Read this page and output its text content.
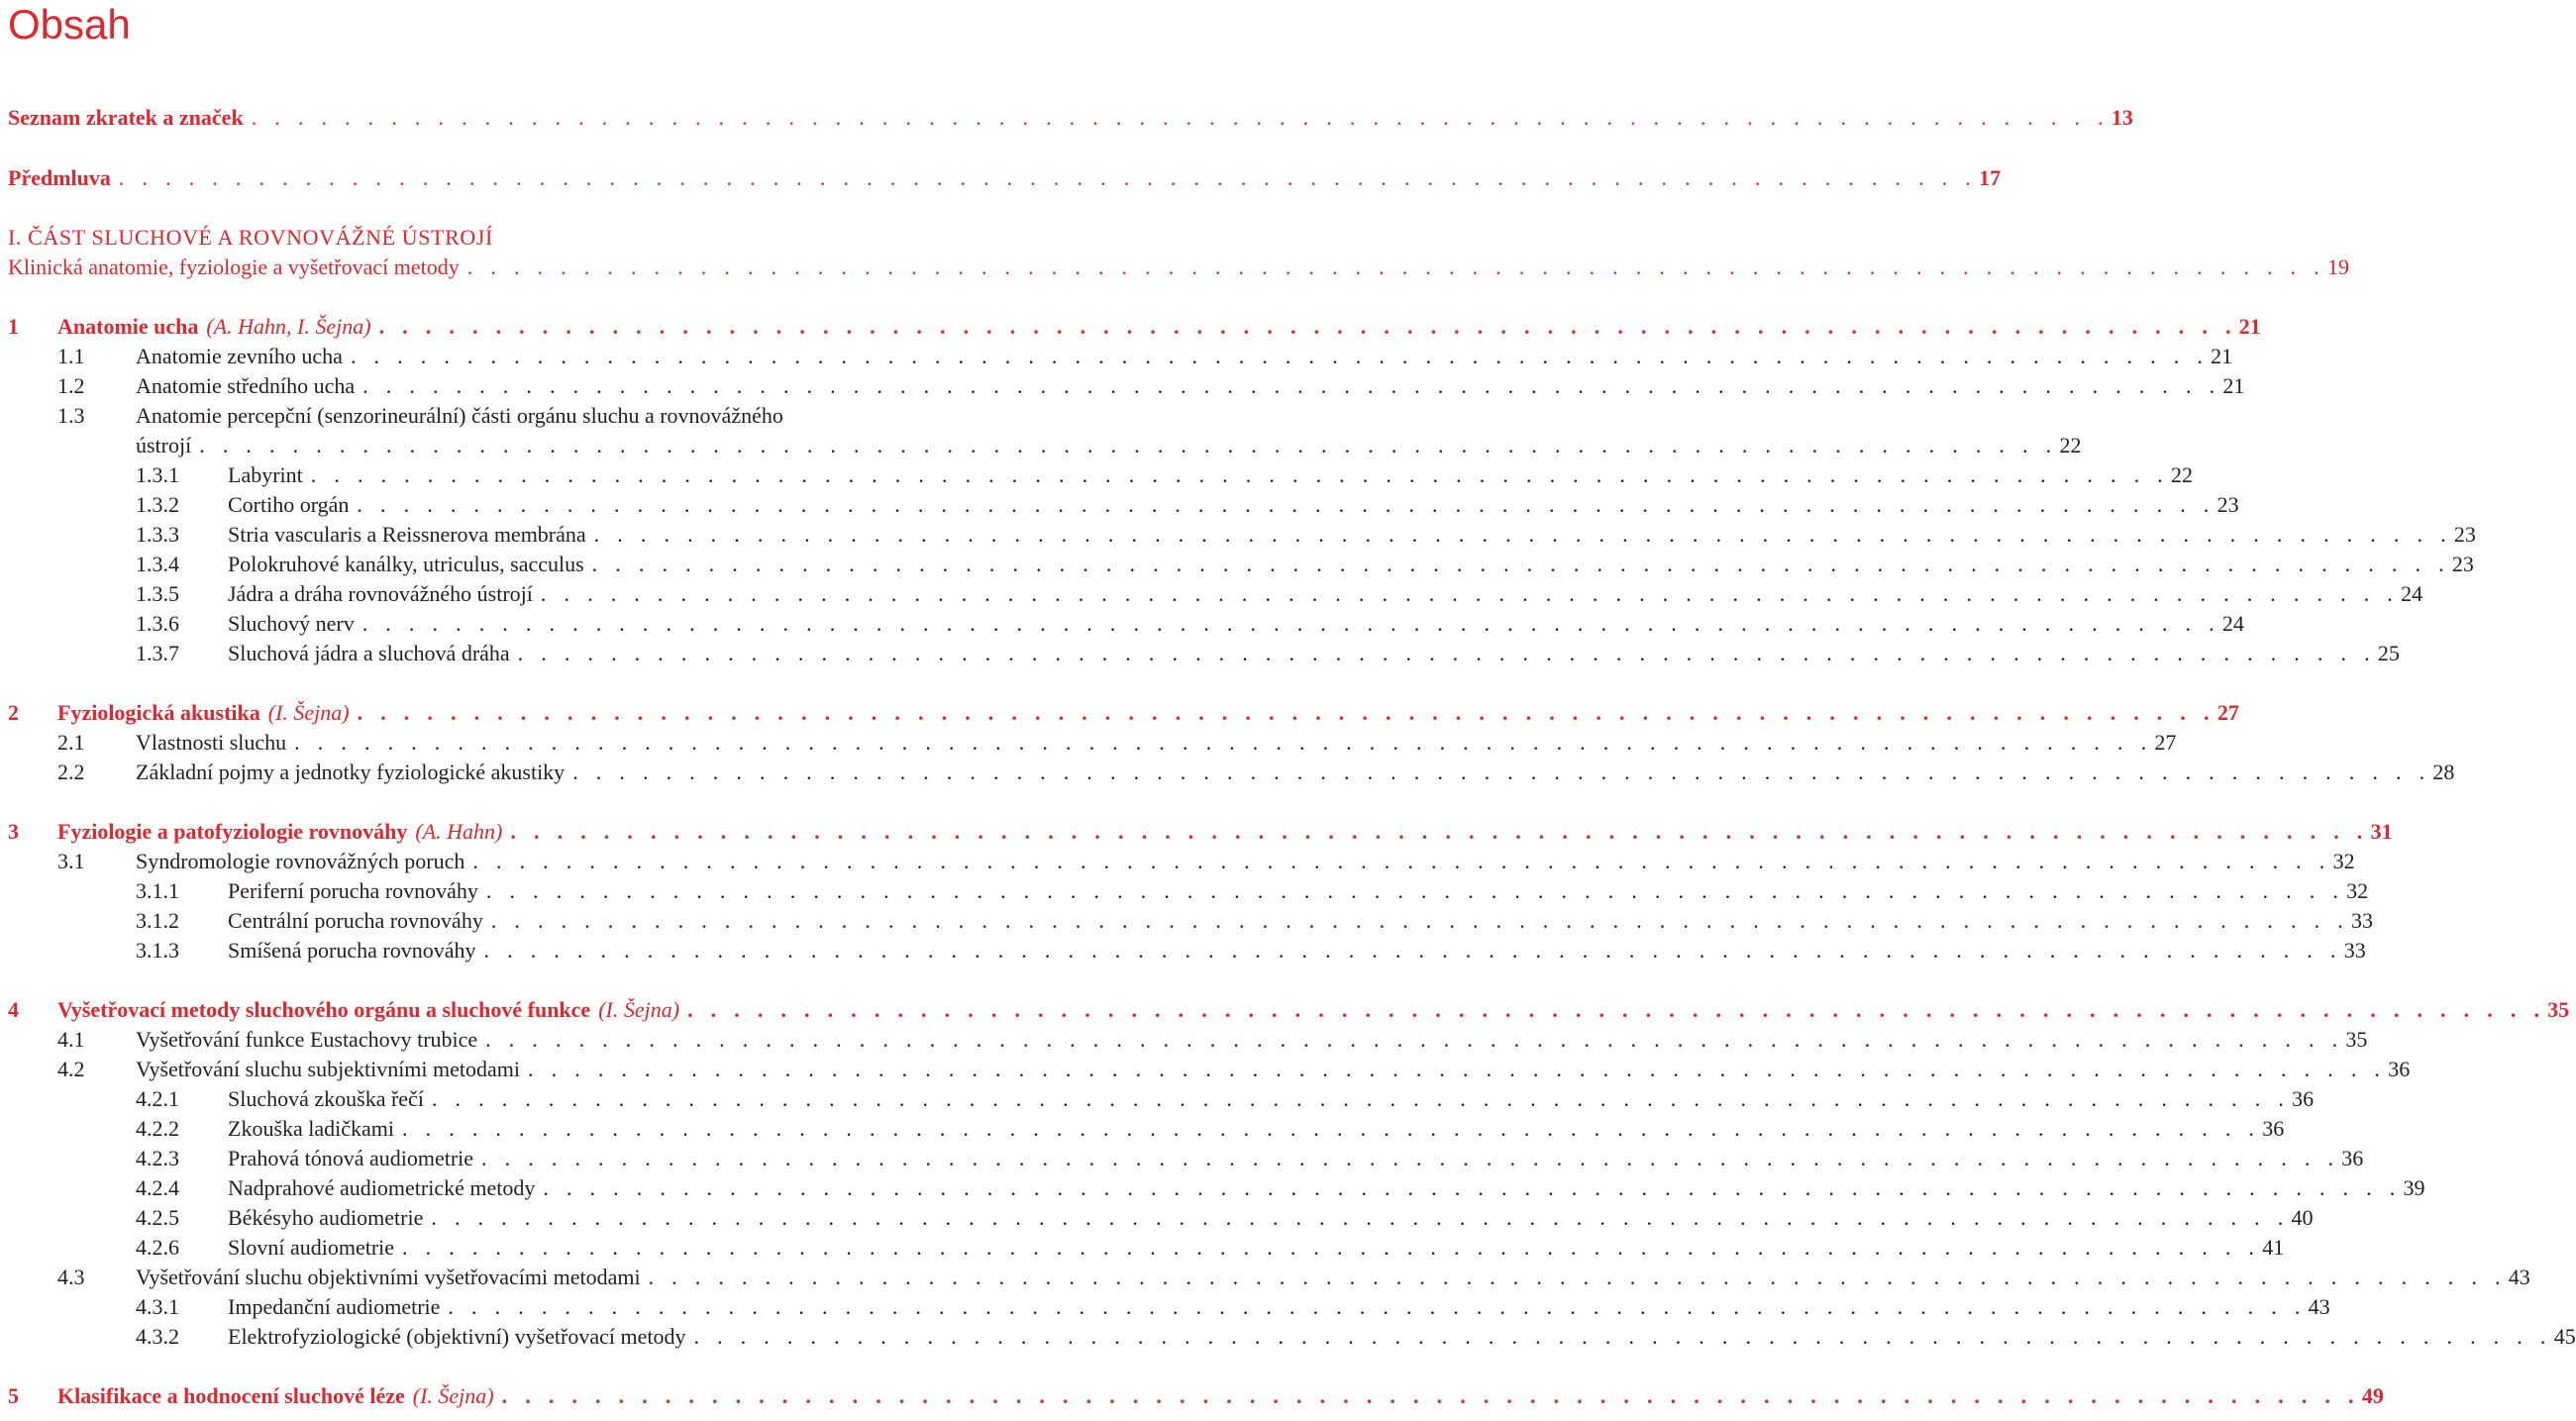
Obsah
Seznam zkratek a značek . . . . . . . . . . . . . . . . . . . . . . . . . . . . . . . . . . . . . . . . . . . . . . . . . . . . . . . . . . . . . . . . . . . . . . . . . . . . . . . . 13
Předmluva . . . . . . . . . . . . . . . . . . . . . . . . . . . . . . . . . . . . . . . . . . . . . . . . . . . . . . . . . . . . . . . . . . . . . . . . . . . . . . . . 17
I. ČÁST SLUCHOVÉ A ROVNOVÁŽNÉ ÚSTROJÍ
Klinická anatomie, fyziologie a vyšetřovací metody . . . . . . . . . . . . . . . . . . . . . . . . . . . . . . . . . . . . . . . . . . . . . . . . . . . . . . . . . . . . . . . . . . . . . . . . . . . . . . . . 19
1 Anatomie ucha (A. Hahn, I. Šejna) . . . . . . . . . . . . . . . . . . . . . . . . . . . . . . . . . . . . . . . . . . . . . . . . . . . . . . . . . . . . . . . . . . . . . . . . . . . . . . . . 21
1.1 Anatomie zevního ucha . . . . . . . . . . . . . . . . . . . . . . . . . . . . . . . . . . . . . . . . . . . . . . . . . . . . . . . . . . . . . . . . . . . . . . . . . . . . . . . . 21
1.2 Anatomie středního ucha . . . . . . . . . . . . . . . . . . . . . . . . . . . . . . . . . . . . . . . . . . . . . . . . . . . . . . . . . . . . . . . . . . . . . . . . . . . . . . . . 21
1.3 Anatomie percepční (senzorineurální) části orgánu sluchu a rovnovážného
ústrojí . . . . . . . . . . . . . . . . . . . . . . . . . . . . . . . . . . . . . . . . . . . . . . . . . . . . . . . . . . . . . . . . . . . . . . . . . . . . . . . . 22
1.3.1 Labyrint . . . . . . . . . . . . . . . . . . . . . . . . . . . . . . . . . . . . . . . . . . . . . . . . . . . . . . . . . . . . . . . . . . . . . . . . . . . . . . . . 22
1.3.2 Cortiho orgán . . . . . . . . . . . . . . . . . . . . . . . . . . . . . . . . . . . . . . . . . . . . . . . . . . . . . . . . . . . . . . . . . . . . . . . . . . . . . . . . 23
1.3.3 Stria vascularis a Reissnerova membrána . . . . . . . . . . . . . . . . . . . . . . . . . . . . . . . . . . . . . . . . . . . . . . . . . . . . . . . . . . . . . . . . . . . . . . . . . . . . . . . . 23
1.3.4 Polokruhové kanálky, utriculus, sacculus . . . . . . . . . . . . . . . . . . . . . . . . . . . . . . . . . . . . . . . . . . . . . . . . . . . . . . . . . . . . . . . . . . . . . . . . . . . . . . . . 23
1.3.5 Jádra a dráha rovnovážného ústrojí . . . . . . . . . . . . . . . . . . . . . . . . . . . . . . . . . . . . . . . . . . . . . . . . . . . . . . . . . . . . . . . . . . . . . . . . . . . . . . . . 24
1.3.6 Sluchový nerv . . . . . . . . . . . . . . . . . . . . . . . . . . . . . . . . . . . . . . . . . . . . . . . . . . . . . . . . . . . . . . . . . . . . . . . . . . . . . . . . 24
1.3.7 Sluchová jádra a sluchová dráha . . . . . . . . . . . . . . . . . . . . . . . . . . . . . . . . . . . . . . . . . . . . . . . . . . . . . . . . . . . . . . . . . . . . . . . . . . . . . . . . 25
2 Fyziologická akustika (I. Šejna) . . . . . . . . . . . . . . . . . . . . . . . . . . . . . . . . . . . . . . . . . . . . . . . . . . . . . . . . . . . . . . . . . . . . . . . . . . . . . . . . 27
2.1 Vlastnosti sluchu . . . . . . . . . . . . . . . . . . . . . . . . . . . . . . . . . . . . . . . . . . . . . . . . . . . . . . . . . . . . . . . . . . . . . . . . . . . . . . . . 27
2.2 Základní pojmy a jednotky fyziologické akustiky . . . . . . . . . . . . . . . . . . . . . . . . . . . . . . . . . . . . . . . . . . . . . . . . . . . . . . . . . . . . . . . . . . . . . . . . . . . . . . . . 28
3 Fyziologie a patofyziologie rovnováhy (A. Hahn) . . . . . . . . . . . . . . . . . . . . . . . . . . . . . . . . . . . . . . . . . . . . . . . . . . . . . . . . . . . . . . . . . . . . . . . . . . . . . . . . 31
3.1 Syndromologie rovnovážných poruch . . . . . . . . . . . . . . . . . . . . . . . . . . . . . . . . . . . . . . . . . . . . . . . . . . . . . . . . . . . . . . . . . . . . . . . . . . . . . . . . 32
3.1.1 Periferní porucha rovnováhy . . . . . . . . . . . . . . . . . . . . . . . . . . . . . . . . . . . . . . . . . . . . . . . . . . . . . . . . . . . . . . . . . . . . . . . . . . . . . . . . 32
3.1.2 Centrální porucha rovnováhy . . . . . . . . . . . . . . . . . . . . . . . . . . . . . . . . . . . . . . . . . . . . . . . . . . . . . . . . . . . . . . . . . . . . . . . . . . . . . . . . 33
3.1.3 Smíšená porucha rovnováhy . . . . . . . . . . . . . . . . . . . . . . . . . . . . . . . . . . . . . . . . . . . . . . . . . . . . . . . . . . . . . . . . . . . . . . . . . . . . . . . . 33
4 Vyšetřovací metody sluchového orgánu a sluchové funkce (I. Šejna) . . . . . . . . . . . . . . . . . . . . . . . . . . . . . . . . . . . . . . . . . . . . . . . . . . . . . . . . . . . . . . . . . . . . . . . . . . . . . . . . 35
4.1 Vyšetřování funkce Eustachovy trubice . . . . . . . . . . . . . . . . . . . . . . . . . . . . . . . . . . . . . . . . . . . . . . . . . . . . . . . . . . . . . . . . . . . . . . . . . . . . . . . . 35
4.2 Vyšetřování sluchu subjektivními metodami . . . . . . . . . . . . . . . . . . . . . . . . . . . . . . . . . . . . . . . . . . . . . . . . . . . . . . . . . . . . . . . . . . . . . . . . . . . . . . . . 36
4.2.1 Sluchová zkouška řečí . . . . . . . . . . . . . . . . . . . . . . . . . . . . . . . . . . . . . . . . . . . . . . . . . . . . . . . . . . . . . . . . . . . . . . . . . . . . . . . . 36
4.2.2 Zkouška ladičkami . . . . . . . . . . . . . . . . . . . . . . . . . . . . . . . . . . . . . . . . . . . . . . . . . . . . . . . . . . . . . . . . . . . . . . . . . . . . . . . . 36
4.2.3 Prahová tónová audiometrie . . . . . . . . . . . . . . . . . . . . . . . . . . . . . . . . . . . . . . . . . . . . . . . . . . . . . . . . . . . . . . . . . . . . . . . . . . . . . . . . 36
4.2.4 Nadprahové audiometrické metody . . . . . . . . . . . . . . . . . . . . . . . . . . . . . . . . . . . . . . . . . . . . . . . . . . . . . . . . . . . . . . . . . . . . . . . . . . . . . . . . 39
4.2.5 Békésyho audiometrie . . . . . . . . . . . . . . . . . . . . . . . . . . . . . . . . . . . . . . . . . . . . . . . . . . . . . . . . . . . . . . . . . . . . . . . . . . . . . . . . 40
4.2.6 Slovní audiometrie . . . . . . . . . . . . . . . . . . . . . . . . . . . . . . . . . . . . . . . . . . . . . . . . . . . . . . . . . . . . . . . . . . . . . . . . . . . . . . . . 41
4.3 Vyšetřování sluchu objektivními vyšetřovacími metodami . . . . . . . . . . . . . . . . . . . . . . . . . . . . . . . . . . . . . . . . . . . . . . . . . . . . . . . . . . . . . . . . . . . . . . . . . . . . . . . . 43
4.3.1 Impedanční audiometrie . . . . . . . . . . . . . . . . . . . . . . . . . . . . . . . . . . . . . . . . . . . . . . . . . . . . . . . . . . . . . . . . . . . . . . . . . . . . . . . . 43
4.3.2 Elektrofyziologické (objektivní) vyšetřovací metody . . . . . . . . . . . . . . . . . . . . . . . . . . . . . . . . . . . . . . . . . . . . . . . . . . . . . . . . . . . . . . . . . . . . . . . . . . . . . . . . 45
5 Klasifikace a hodnocení sluchové léze (I. Šejna) . . . . . . . . . . . . . . . . . . . . . . . . . . . . . . . . . . . . . . . . . . . . . . . . . . . . . . . . . . . . . . . . . . . . . . . . . . . . . . . . 49
